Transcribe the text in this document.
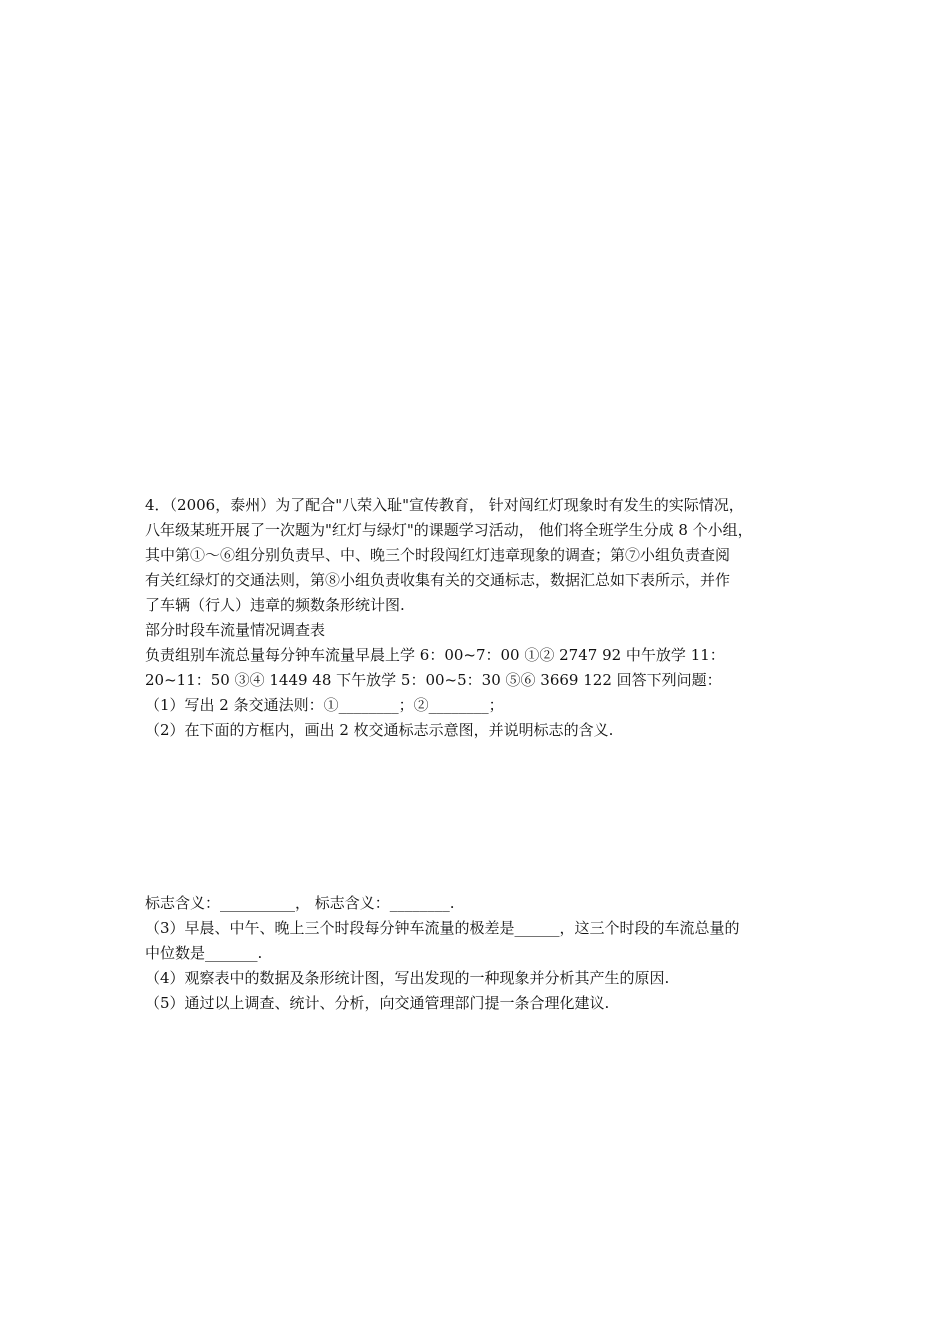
4．（2006，泰州）为了配合"八荣入耻"宣传教育， 针对闯红灯现象时有发生的实际情况，
八年级某班开展了一次题为"红灯与绿灯"的课题学习活动， 他们将全班学生分成 8 个小组，
其中第①～⑥组分别负责早、中、晚三个时段闯红灯违章现象的调查；第⑦小组负责查阅
有关红绿灯的交通法则，第⑧小组负责收集有关的交通标志，数据汇总如下表所示，并作
了车辆（行人）违章的频数条形统计图.
部分时段车流量情况调查表
负责组别车流总量每分钟车流量早晨上学 6：00~7：00 ①② 2747 92 中午放学 11：
20~11：50 ③④ 1449 48 下午放学 5：00~5：30 ⑤⑥ 3669 122 回答下列问题：
（1）写出 2 条交通法则：①________；②________；
（2）在下面的方框内，画出 2 枚交通标志示意图，并说明标志的含义.
标志含义：__________， 标志含义：________.
（3）早晨、中午、晚上三个时段每分钟车流量的极差是______，这三个时段的车流总量的
中位数是_______.
（4）观察表中的数据及条形统计图，写出发现的一种现象并分析其产生的原因.
（5）通过以上调查、统计、分析，向交通管理部门提一条合理化建议.
